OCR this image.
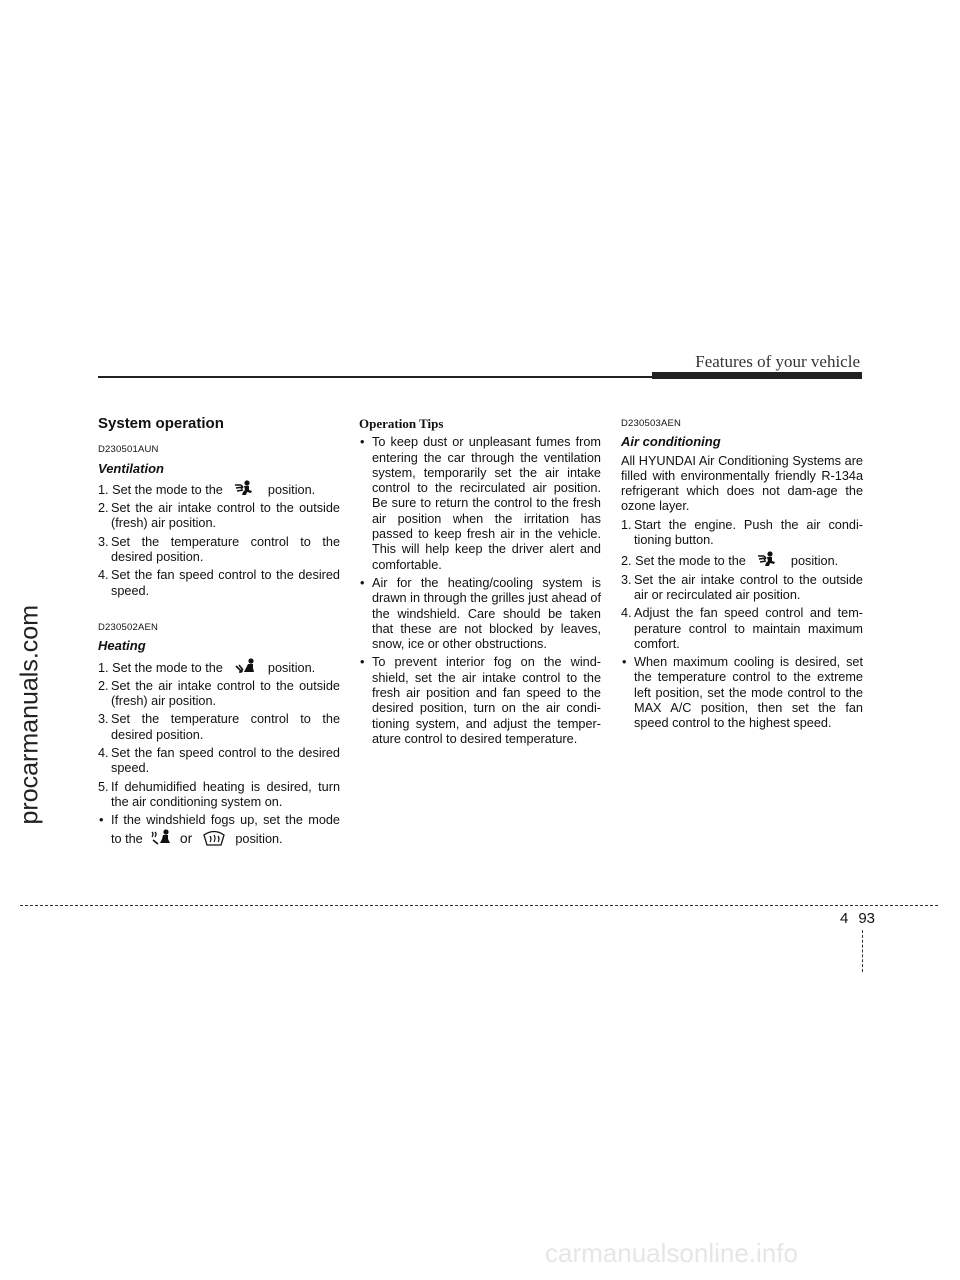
Features of your vehicle
System operation
D230501AUN
Ventilation
1. Set the mode to the	position.
2. Set the air intake control to the outside (fresh) air position.
3. Set the temperature control to the desired position.
4. Set the fan speed control to the desired speed.
D230502AEN
Heating
1. Set the mode to the	position.
2. Set the air intake control to the outside (fresh) air position.
3. Set the temperature control to the desired position.
4. Set the fan speed control to the desired speed.
5. If dehumidified heating is desired, turn the air conditioning system on.
• If the windshield fogs up, set the mode to the	or	position.
Operation Tips
• To keep dust or unpleasant fumes from entering the car through the ventilation system, temporarily set the air intake control to the recirculated air position. Be sure to return the control to the fresh air position when the irritation has passed to keep fresh air in the vehicle. This will help keep the driver alert and comfortable.
• Air for the heating/cooling system is drawn in through the grilles just ahead of the windshield. Care should be taken that these are not blocked by leaves, snow, ice or other obstructions.
• To prevent interior fog on the wind-shield, set the air intake control to the fresh air position and fan speed to the desired position, turn on the air condi-tioning system, and adjust the temper-ature control to desired temperature.
D230503AEN
Air conditioning
All HYUNDAI Air Conditioning Systems are filled with environmentally friendly R-134a refrigerant which does not dam-age the ozone layer.
1. Start the engine. Push the air condi-tioning button.
2. Set the mode to the	position.
3. Set the air intake control to the outside air or recirculated air position.
4. Adjust the fan speed control and tem-perature control to maintain maximum comfort.
• When maximum cooling is desired, set the temperature control to the extreme left position, set the mode control to the MAX A/C position, then set the fan speed control to the highest speed.
4 93
procarmanuals.com
carmanualsonline.info
